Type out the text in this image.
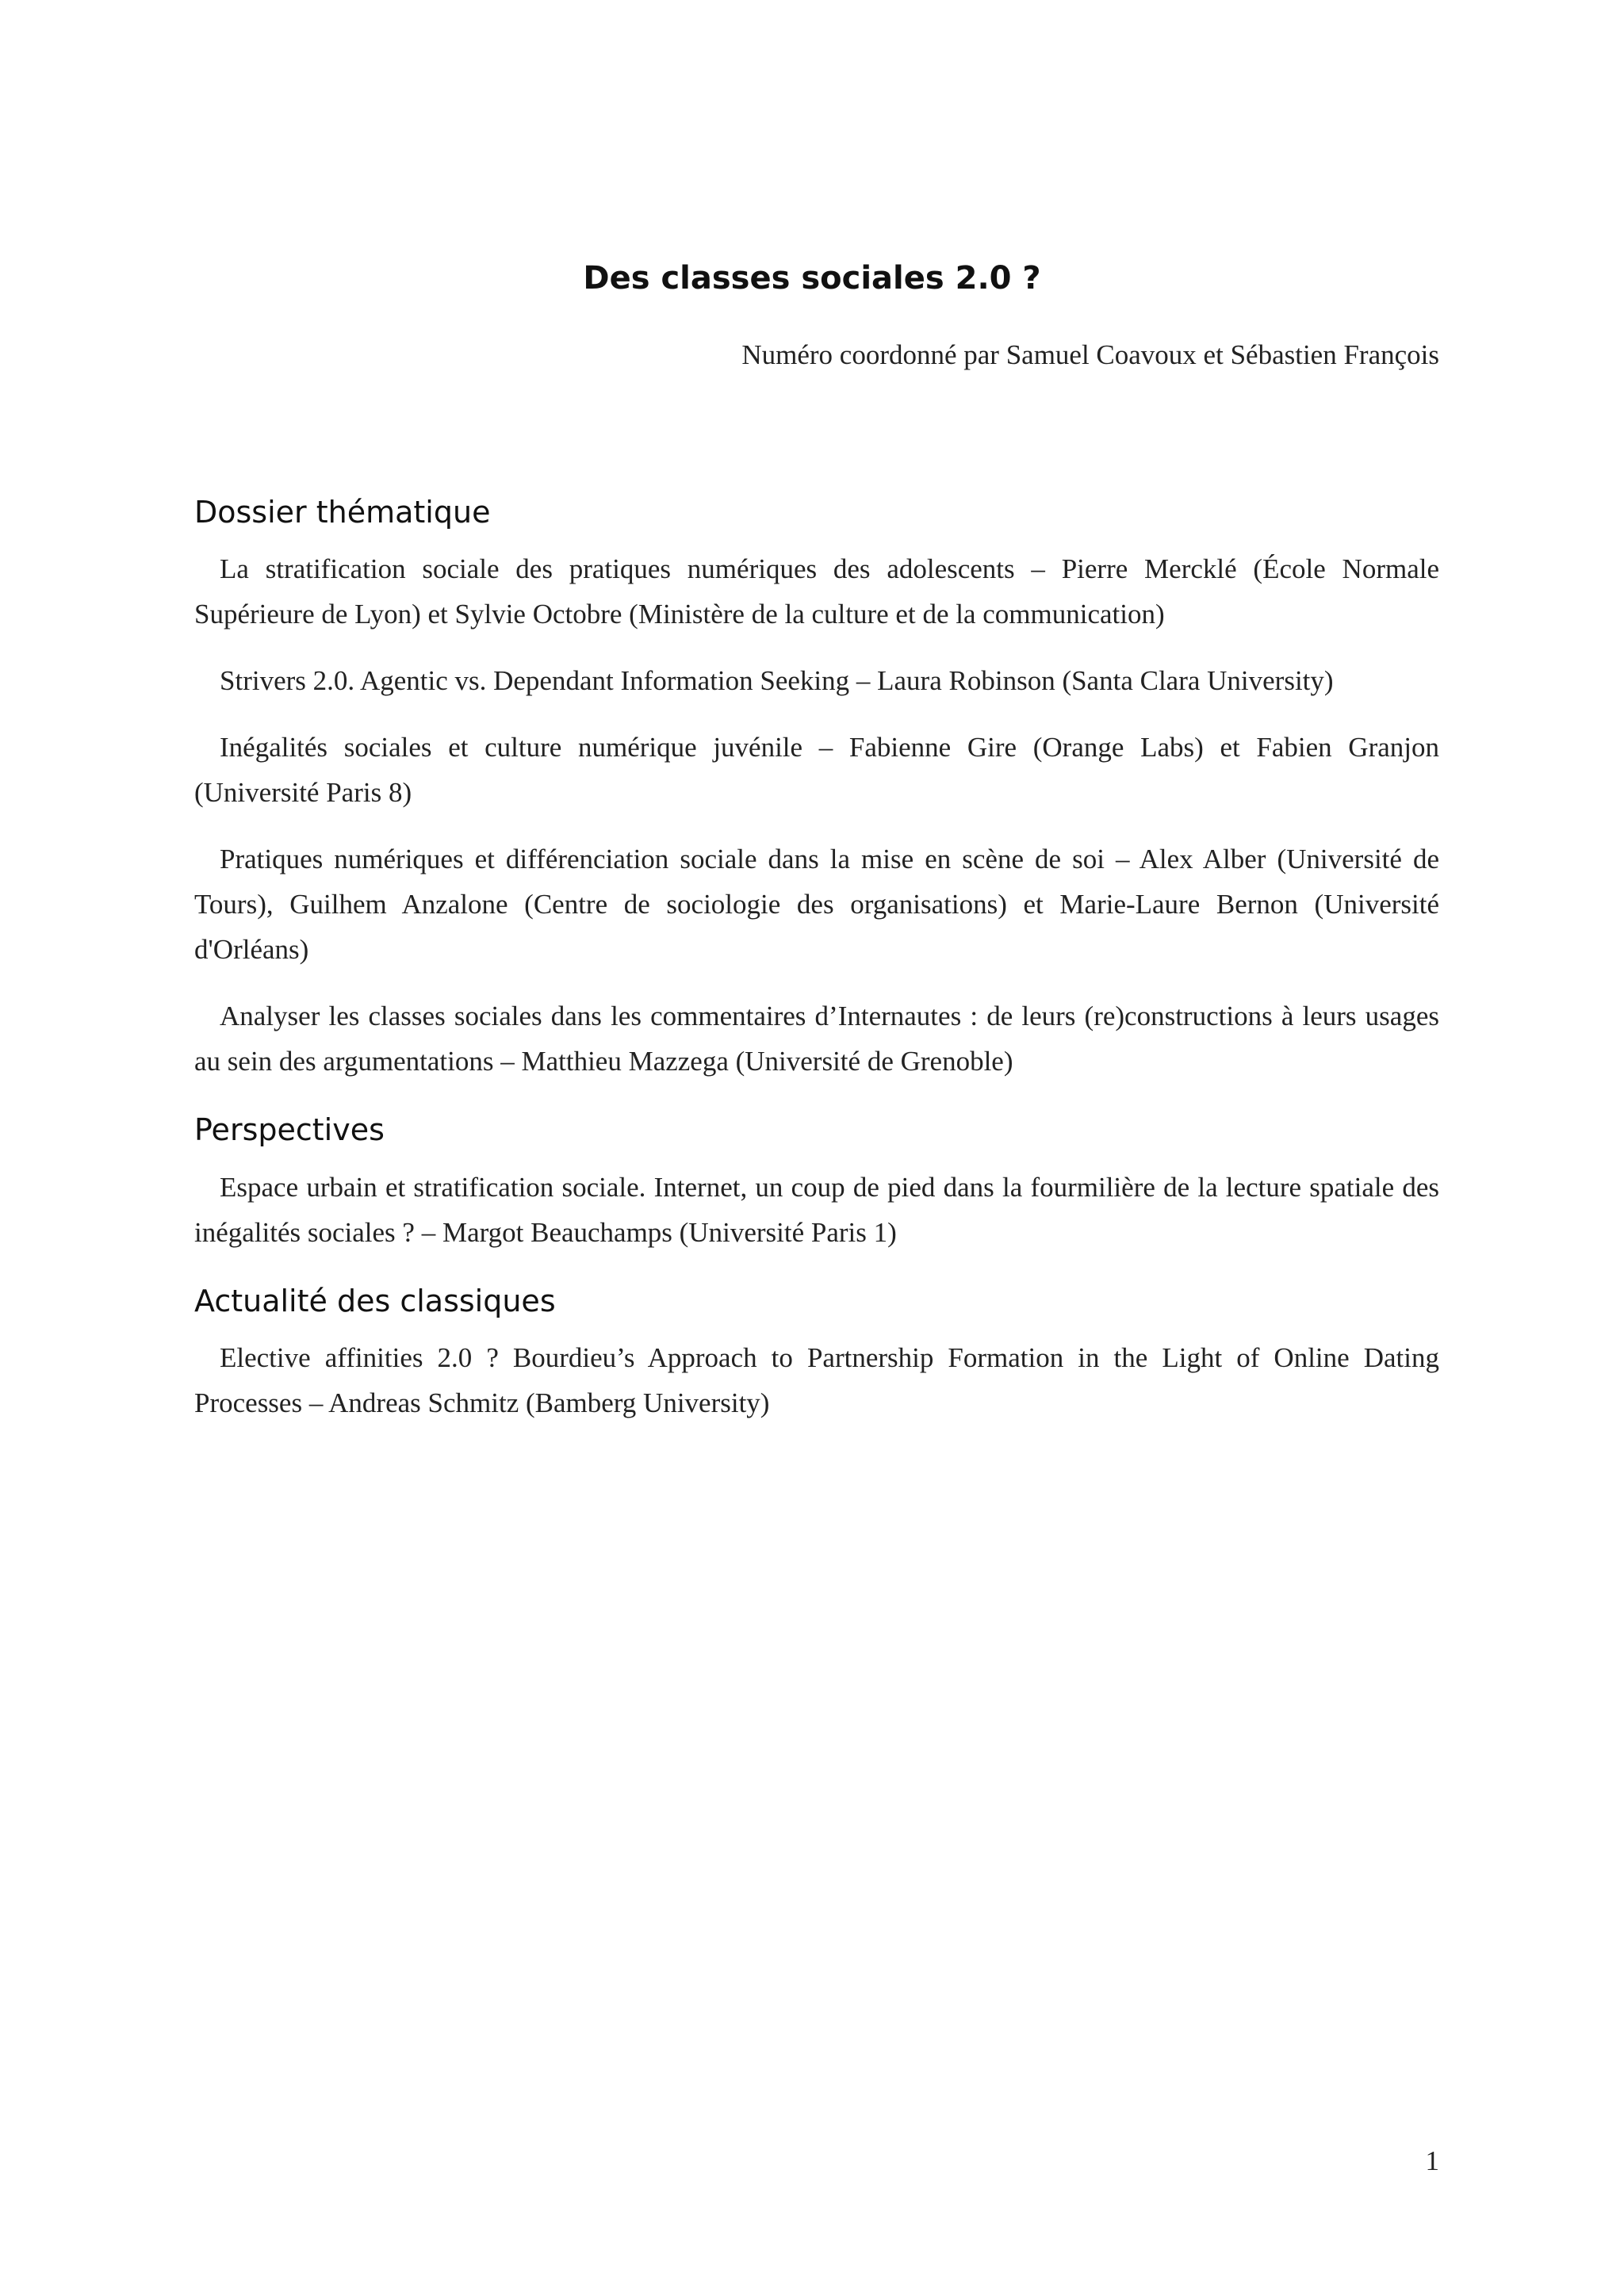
Des classes sociales 2.0 ?

Numéro coordonné par Samuel Coavoux et Sébastien François

Dossier thématique

La stratification sociale des pratiques numériques des adolescents – Pierre Mercklé (École Normale Supérieure de Lyon) et Sylvie Octobre (Ministère de la culture et de la communication)

Strivers 2.0. Agentic vs. Dependant Information Seeking – Laura Robinson (Santa Clara University)

Inégalités sociales et culture numérique juvénile – Fabienne Gire (Orange Labs) et Fabien Granjon (Université Paris 8)

Pratiques numériques et différenciation sociale dans la mise en scène de soi – Alex Alber (Université de Tours), Guilhem Anzalone (Centre de sociologie des organisations) et Marie-Laure Bernon (Université d'Orléans)

Analyser les classes sociales dans les commentaires d’Internautes : de leurs (re)constructions à leurs usages au sein des argumentations – Matthieu Mazzega (Université de Grenoble)

Perspectives

Espace urbain et stratification sociale. Internet, un coup de pied dans la fourmilière de la lecture spatiale des inégalités sociales ? – Margot Beauchamps (Université Paris 1)

Actualité des classiques

Elective affinities 2.0 ? Bourdieu’s Approach to Partnership Formation in the Light of Online Dating Processes – Andreas Schmitz (Bamberg University)

1
